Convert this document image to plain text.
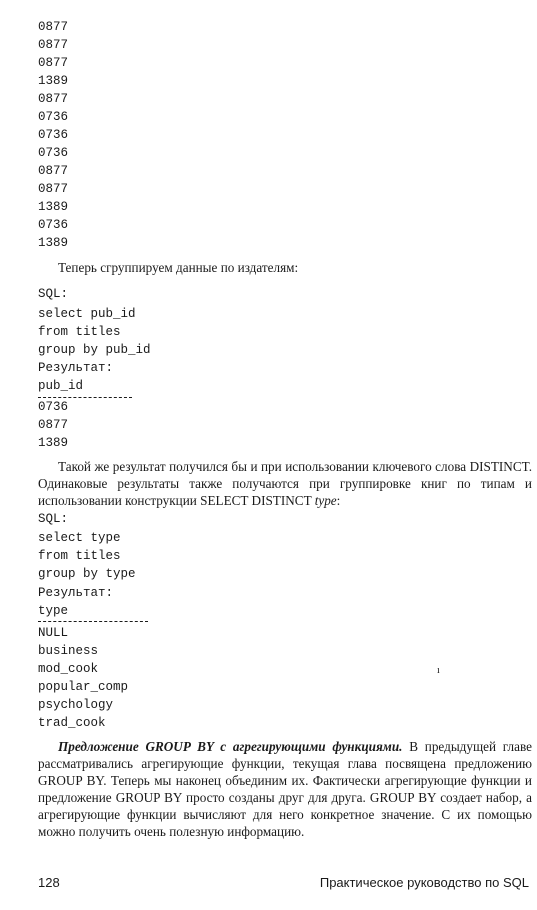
0877
0877
0877
1389
0877
0736
0736
0736
0877
0877
1389
0736
1389
Теперь сгруппируем данные по издателям:
SQL:
select pub_id
from titles
group by pub_id
Результат:
pub_id
0736
0877
1389
Такой же результат получился бы и при использовании ключевого слова DISTINCT. Одинаковые результаты также получаются при группировке книг по типам и использовании конструкции SELECT DISTINCT type:
SQL:
select type
from titles
group by type
Результат:
type
NULL
business
mod_cook
popular_comp
psychology
trad_cook
ı
Предложение GROUP BY с агрегирующими функциями. В предыдущей главе рассматривались агрегирующие функции, текущая глава посвящена предложению GROUP BY. Теперь мы наконец объединим их. Фактически агрегирующие функции и предложение GROUP BY просто созданы друг для друга. GROUP BY создает набор, а агрегирующие функции вычисляют для него конкретное значение. С их помощью можно получить очень полезную информацию.
128	Практическое руководство по SQL
